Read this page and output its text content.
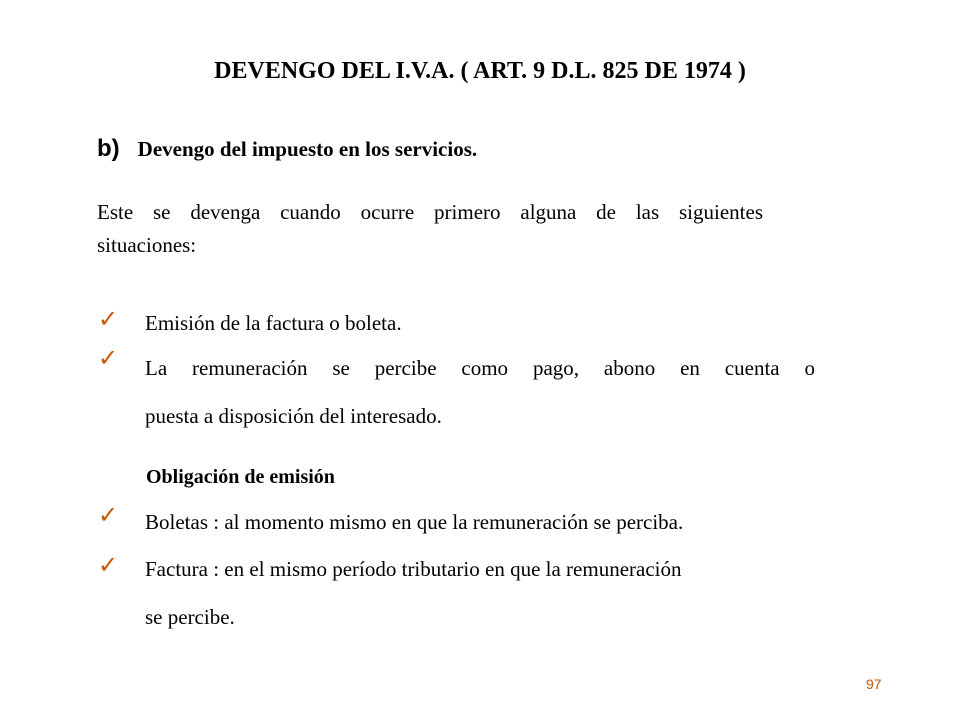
DEVENGO DEL I.V.A. ( ART. 9 D.L. 825 DE 1974 )
b) Devengo del impuesto en los servicios.

Este se devenga cuando ocurre primero alguna de las siguientes

situaciones:

✓ Emisión de la factura o boleta.

✓ La remuneración se percibe como pago, abono en cuenta o

puesta a disposición del interesado.

Obligación de emisión

✓ Boletas : al momento mismo en que la remuneración se perciba.

✓ Factura : en el mismo período tributario en que la remuneración

se percibe.

97
